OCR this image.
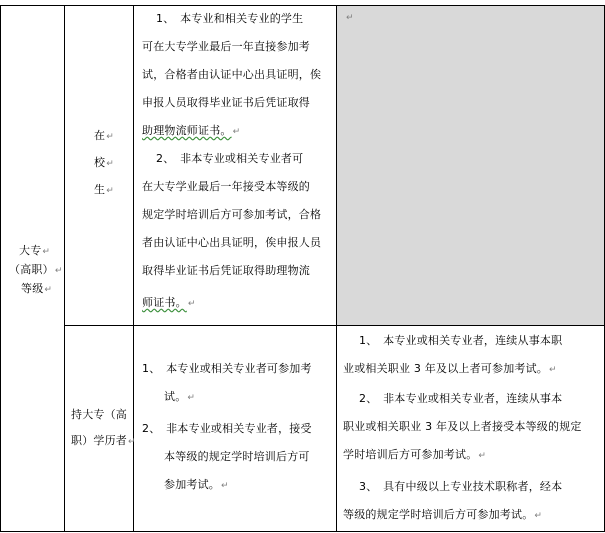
↵
大专↵
（高职）↵
等级↵
在↵
校↵
生↵
1、　本专业和相关专业的学生
可在大专学业最后一年直接参加考
试，合格者由认证中心出具证明，俟
申报人员取得毕业证书后凭证取得
助理物流师证书。↵
2、　非本专业或相关专业者可
在大专学业最后一年接受本等级的
规定学时培训后方可参加考试，合格
者由认证中心出具证明，俟申报人员
取得毕业证书后凭证取得助理物流
师证书。↵
持大专（高
职）学历者↵
1、　本专业或相关专业者可参加考
试。↵
2、　非本专业或相关专业者，接受
本等级的规定学时培训后方可
参加考试。↵
1、　本专业或相关专业者，连续从事本职
业或相关职业 3 年及以上者可参加考试。↵
2、　非本专业或相关专业者，连续从事本
职业或相关职业 3 年及以上者接受本等级的规定
学时培训后方可参加考试。↵
3、　具有中级以上专业技术职称者，经本
等级的规定学时培训后方可参加考试。↵
